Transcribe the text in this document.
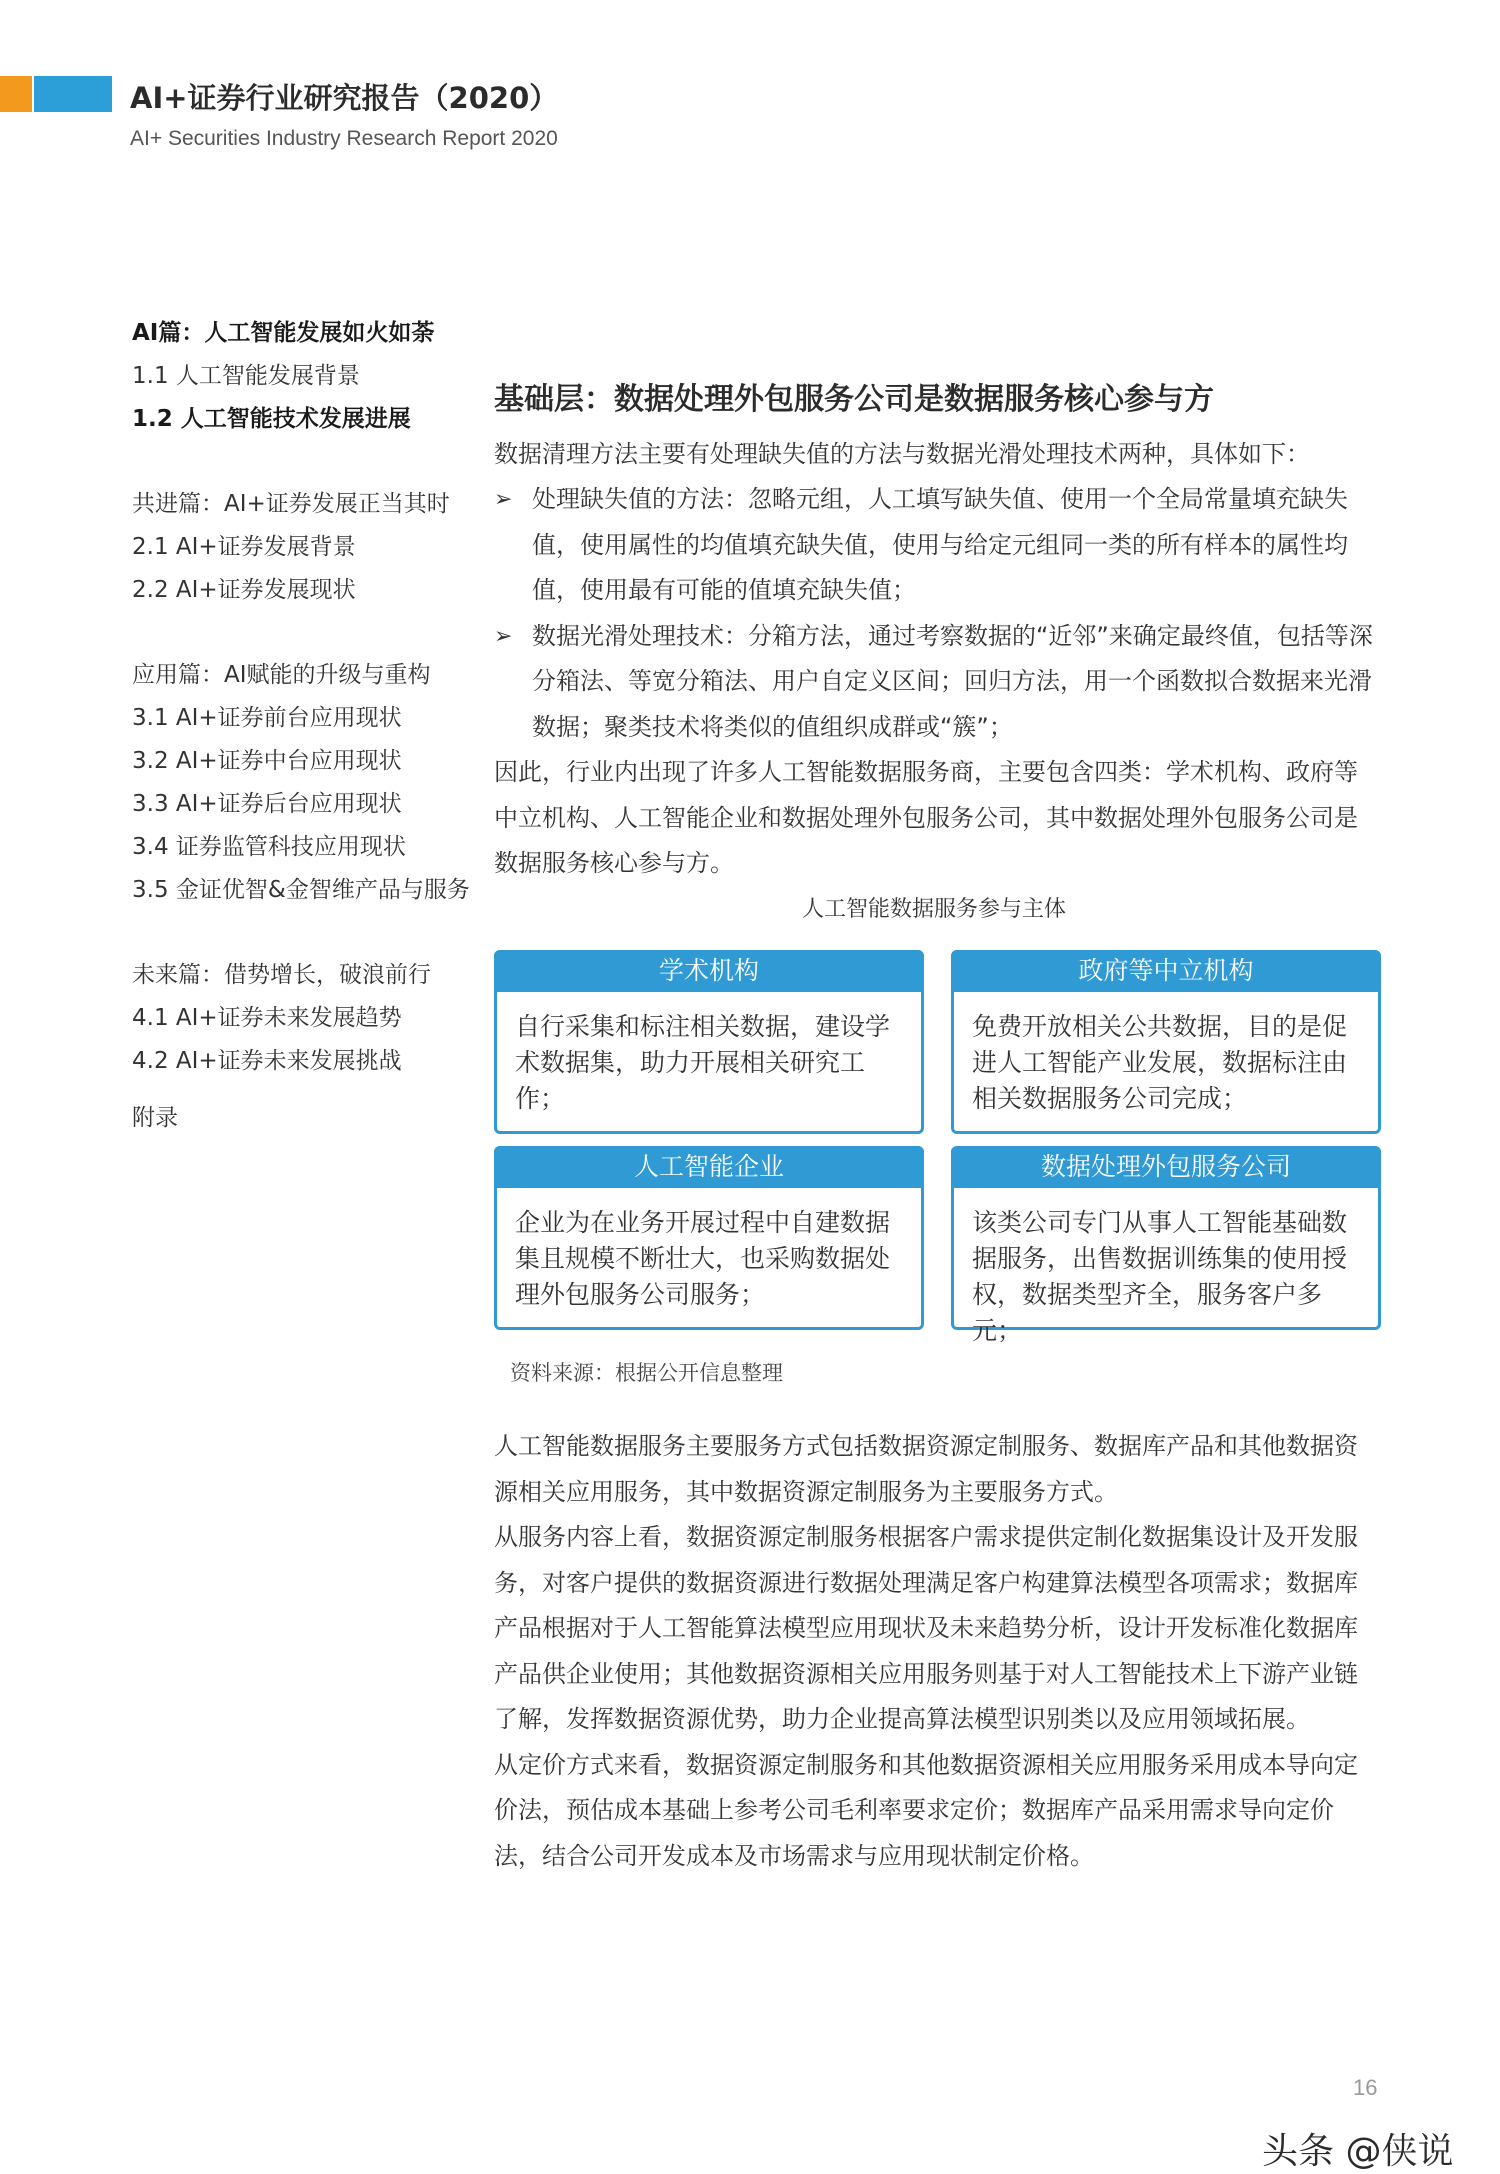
AI+证券行业研究报告（2020）
AI+ Securities Industry Research Report 2020
AI篇：人工智能发展如火如荼
1.1 人工智能发展背景
1.2 人工智能技术发展进展
共进篇：AI+证券发展正当其时
2.1 AI+证券发展背景
2.2 AI+证券发展现状
应用篇：AI赋能的升级与重构
3.1 AI+证券前台应用现状
3.2 AI+证券中台应用现状
3.3 AI+证券后台应用现状
3.4 证券监管科技应用现状
3.5 金证优智&金智维产品与服务
未来篇：借势增长，破浪前行
4.1 AI+证券未来发展趋势
4.2 AI+证券未来发展挑战
附录
基础层：数据处理外包服务公司是数据服务核心参与方

数据清理方法主要有处理缺失值的方法与数据光滑处理技术两种，具体如下：

➢ 处理缺失值的方法：忽略元组，人工填写缺失值、使用一个全局常量填充缺失值，使用属性的均值填充缺失值，使用与给定元组同一类的所有样本的属性均值，使用最有可能的值填充缺失值；

➢ 数据光滑处理技术：分箱方法，通过考察数据的“近邻”来确定最终值，包括等深分箱法、等宽分箱法、用户自定义区间；回归方法，用一个函数拟合数据来光滑数据；聚类技术将类似的值组织成群或“簇”；

因此，行业内出现了许多人工智能数据服务商，主要包含四类：学术机构、政府等中立机构、人工智能企业和数据处理外包服务公司，其中数据处理外包服务公司是数据服务核心参与方。

人工智能数据服务参与主体
学术机构
自行采集和标注相关数据，建设学术数据集，助力开展相关研究工作；
政府等中立机构
免费开放相关公共数据，目的是促进人工智能产业发展，数据标注由相关数据服务公司完成；
人工智能企业
企业为在业务开展过程中自建数据集且规模不断壮大，也采购数据处理外包服务公司服务；
数据处理外包服务公司
该类公司专门从事人工智能基础数据服务，出售数据训练集的使用授权，数据类型齐全，服务客户多元；
资料来源：根据公开信息整理

人工智能数据服务主要服务方式包括数据资源定制服务、数据库产品和其他数据资源相关应用服务，其中数据资源定制服务为主要服务方式。

从服务内容上看，数据资源定制服务根据客户需求提供定制化数据集设计及开发服务，对客户提供的数据资源进行数据处理满足客户构建算法模型各项需求；数据库产品根据对于人工智能算法模型应用现状及未来趋势分析，设计开发标准化数据库产品供企业使用；其他数据资源相关应用服务则基于对人工智能技术上下游产业链了解，发挥数据资源优势，助力企业提高算法模型识别类以及应用领域拓展。

从定价方式来看，数据资源定制服务和其他数据资源相关应用服务采用成本导向定价法，预估成本基础上参考公司毛利率要求定价；数据库产品采用需求导向定价法，结合公司开发成本及市场需求与应用现状制定价格。

16
头条 @侠说
